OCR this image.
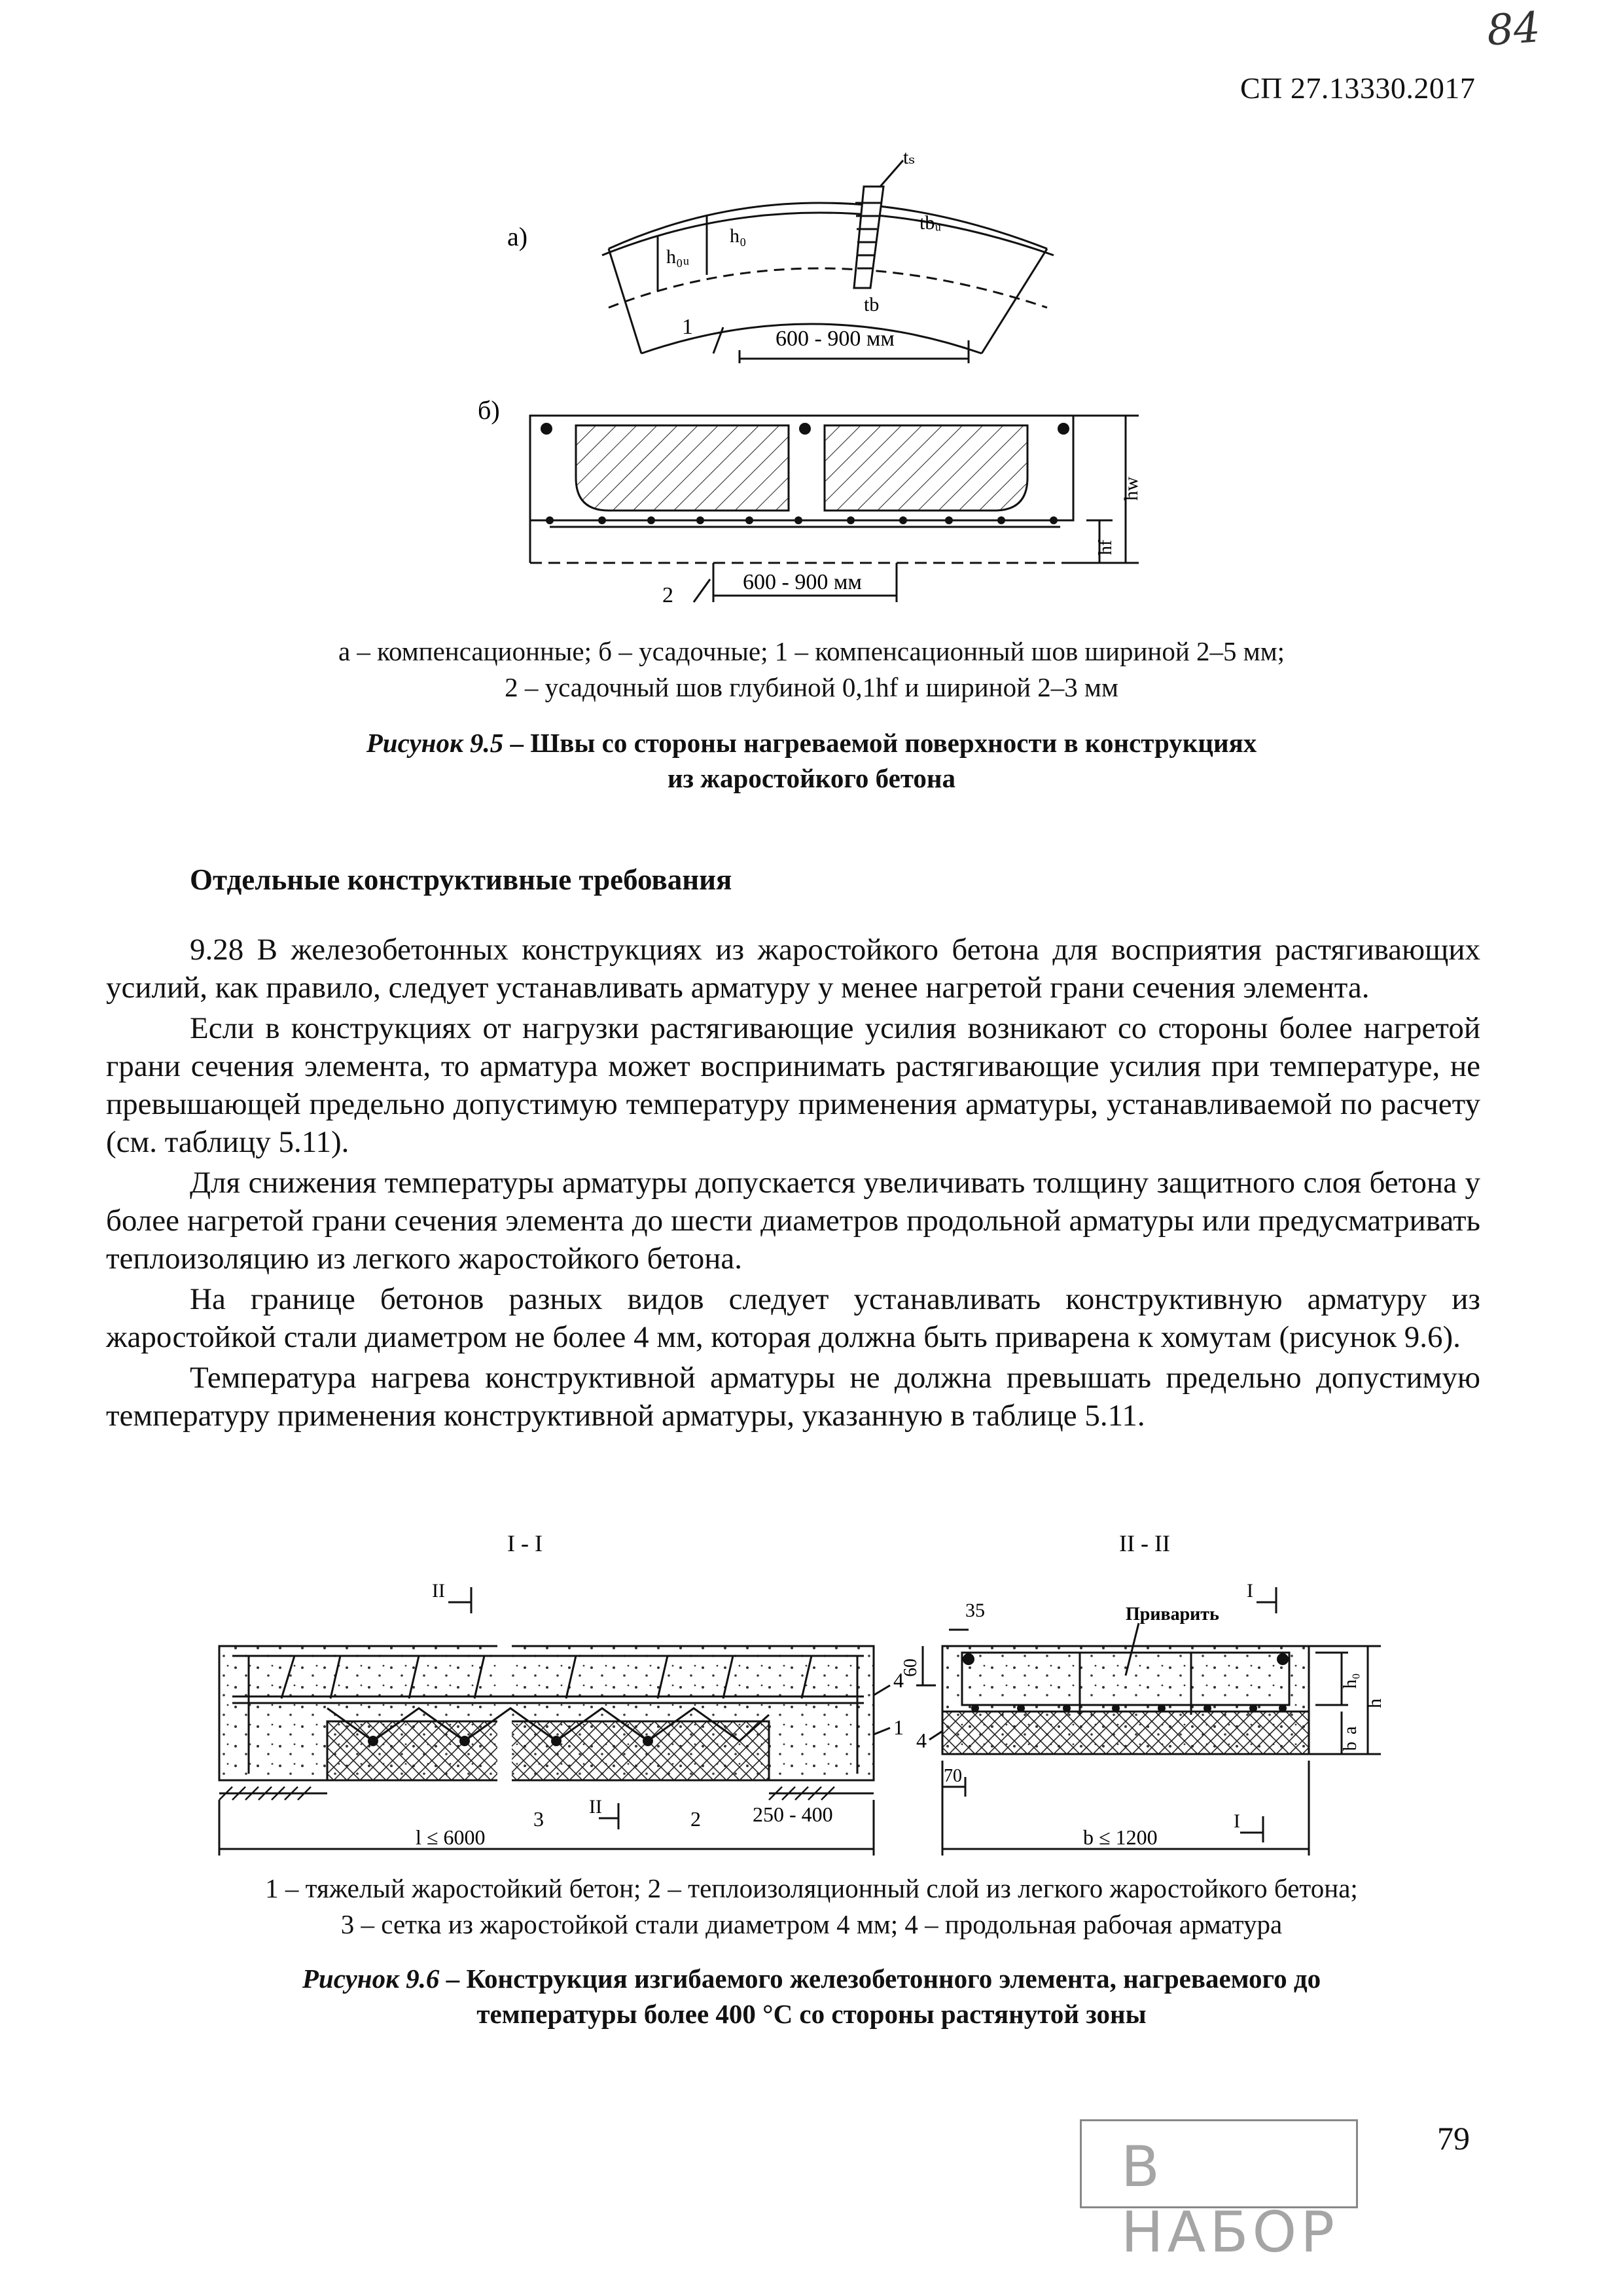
84
СП 27.13330.2017
а)
tₛ
h₀ᵤ
h₀
tbᵤ
tb
1	600 - 900 мм
б)
hw
hf
2
600 - 900 мм
а – компенсационные; б – усадочные; 1 – компенсационный шов шириной 2–5 мм;
2 – усадочный шов глубиной 0,1hf и шириной 2–3 мм
Рисунок 9.5 – Швы со стороны нагреваемой поверхности в конструкциях
из жаростойкого бетона
Отдельные конструктивные требования

9.28 В железобетонных конструкциях из жаростойкого бетона для восприятия растягивающих усилий, как правило, следует устанавливать арматуру у менее нагретой грани сечения элемента.

Если в конструкциях от нагрузки растягивающие усилия возникают со стороны более нагретой грани сечения элемента, то арматура может воспринимать растягивающие усилия при температуре, не превышающей предельно допустимую температуру применения арматуры, устанавливаемой по расчету (см. таблицу 5.11).

Для снижения температуры арматуры допускается увеличивать толщину защитного слоя бетона у более нагретой грани сечения элемента до шести диаметров продольной арматуры или предусматривать теплоизоляцию из легкого жаростойкого бетона.

На границе бетонов разных видов следует устанавливать конструктивную арматуру из жаростойкой стали диаметром не более 4 мм, которая должна быть приварена к хомутам (рисунок 9.6).

Температура нагрева конструктивной арматуры не должна превышать предельно допустимую температуру применения конструктивной арматуры, указанную в таблице 5.11.

I - I	II - II
II
II
3	2
4
1
l ≤ 6000
250 - 400
Приварить
35
60
70
I
I
4
h₀
h
a
b
b ≤ 1200
1 – тяжелый жаростойкий бетон; 2 – теплоизоляционный слой из легкого жаростойкого бетона;
3 – сетка из жаростойкой стали диаметром 4 мм; 4 – продольная рабочая арматура
Рисунок 9.6 – Конструкция изгибаемого железобетонного элемента, нагреваемого до
температуры более 400 °С со стороны растянутой зоны
В НАБОР
79
